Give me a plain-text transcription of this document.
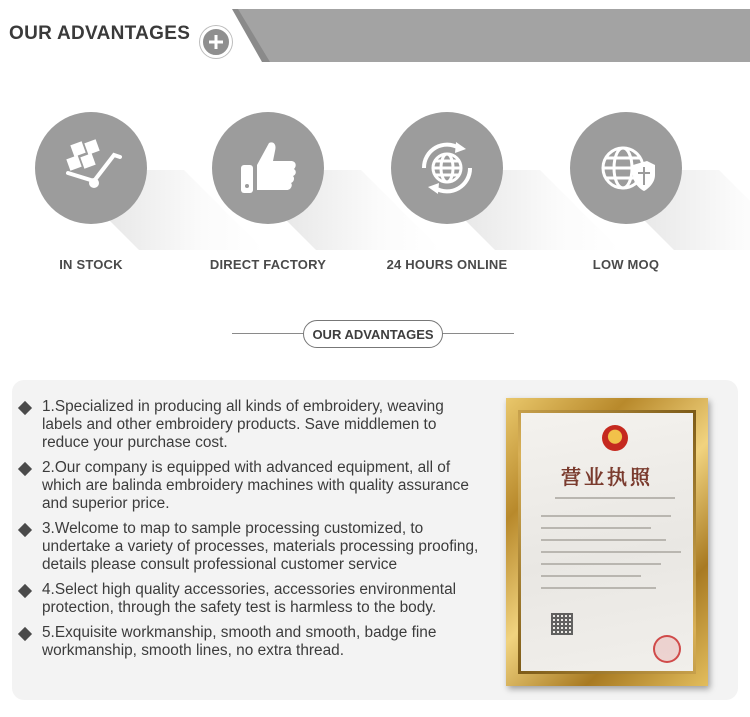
OUR ADVANTAGES
IN STOCK	DIRECT FACTORY	24 HOURS ONLINE	LOW MOQ
OUR ADVANTAGES
1.Specialized in producing all kinds of embroidery, weaving labels and other embroidery products. Save middlemen to reduce your purchase cost.
2.Our company is equipped with advanced equipment, all of which are balinda embroidery machines with quality assurance and superior price.
3.Welcome to map to sample processing customized, to undertake a variety of processes, materials processing proofing, details please consult professional customer service
4.Select high quality accessories, accessories environmental protection, through the safety test is harmless to the body.
5.Exquisite workmanship, smooth and smooth, badge fine workmanship, smooth lines, no extra thread.
营业执照
